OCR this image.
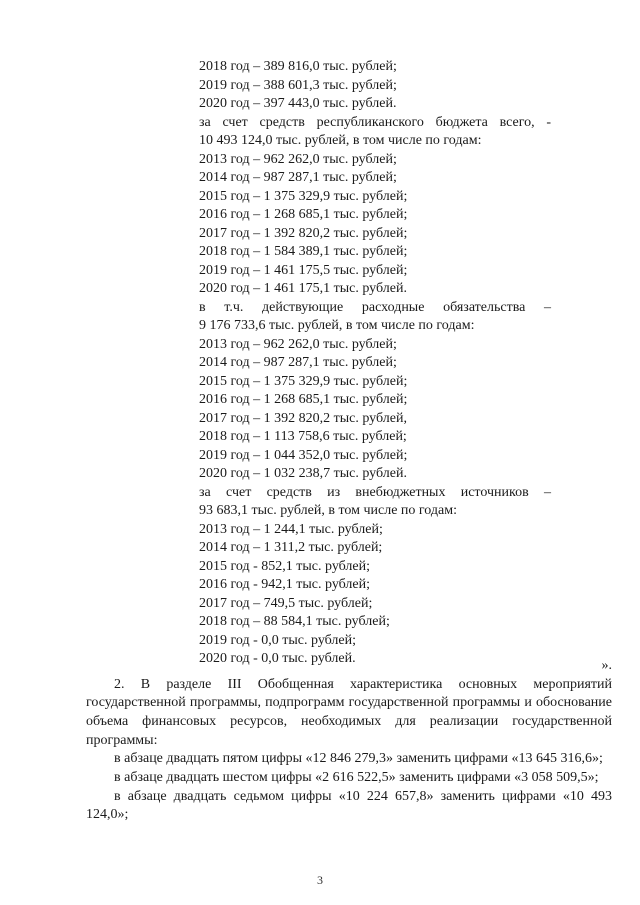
2018 год – 389 816,0 тыс. рублей;
2019 год – 388 601,3 тыс. рублей;
2020 год – 397 443,0 тыс. рублей.
за счет средств республиканского бюджета всего, -
10 493 124,0 тыс. рублей, в том числе по годам:
2013 год – 962 262,0 тыс. рублей;
2014 год – 987 287,1 тыс. рублей;
2015 год – 1 375 329,9 тыс. рублей;
2016 год – 1 268 685,1 тыс. рублей;
2017 год – 1 392 820,2 тыс. рублей;
2018 год – 1 584 389,1 тыс. рублей;
2019 год – 1 461 175,5 тыс. рублей;
2020 год – 1 461 175,1 тыс. рублей.
в т.ч. действующие расходные обязательства –
9 176 733,6 тыс. рублей, в том числе по годам:
2013 год – 962 262,0 тыс. рублей;
2014 год – 987 287,1 тыс. рублей;
2015 год – 1 375 329,9 тыс. рублей;
2016 год – 1 268 685,1 тыс. рублей;
2017 год – 1 392 820,2 тыс. рублей,
2018 год – 1 113 758,6 тыс. рублей;
2019 год – 1 044 352,0 тыс. рублей;
2020 год – 1 032 238,7 тыс. рублей.
за счет средств из внебюджетных источников –
93 683,1 тыс. рублей, в том числе по годам:
2013 год – 1 244,1 тыс. рублей;
2014 год – 1 311,2 тыс. рублей;
2015 год - 852,1 тыс. рублей;
2016 год - 942,1 тыс. рублей;
2017 год – 749,5 тыс. рублей;
2018 год – 88 584,1 тыс. рублей;
2019 год - 0,0 тыс. рублей;
2020 год - 0,0 тыс. рублей.	».

2. В разделе III Обобщенная характеристика основных мероприятий государственной программы, подпрограмм государственной программы и обоснование объема финансовых ресурсов, необходимых для реализации государственной программы:

в абзаце двадцать пятом цифры «12 846 279,3» заменить цифрами «13 645 316,6»;

в абзаце двадцать шестом цифры «2 616 522,5» заменить цифрами «3 058 509,5»;

в абзаце двадцать седьмом цифры «10 224 657,8» заменить цифрами «10 493 124,0»;

3
